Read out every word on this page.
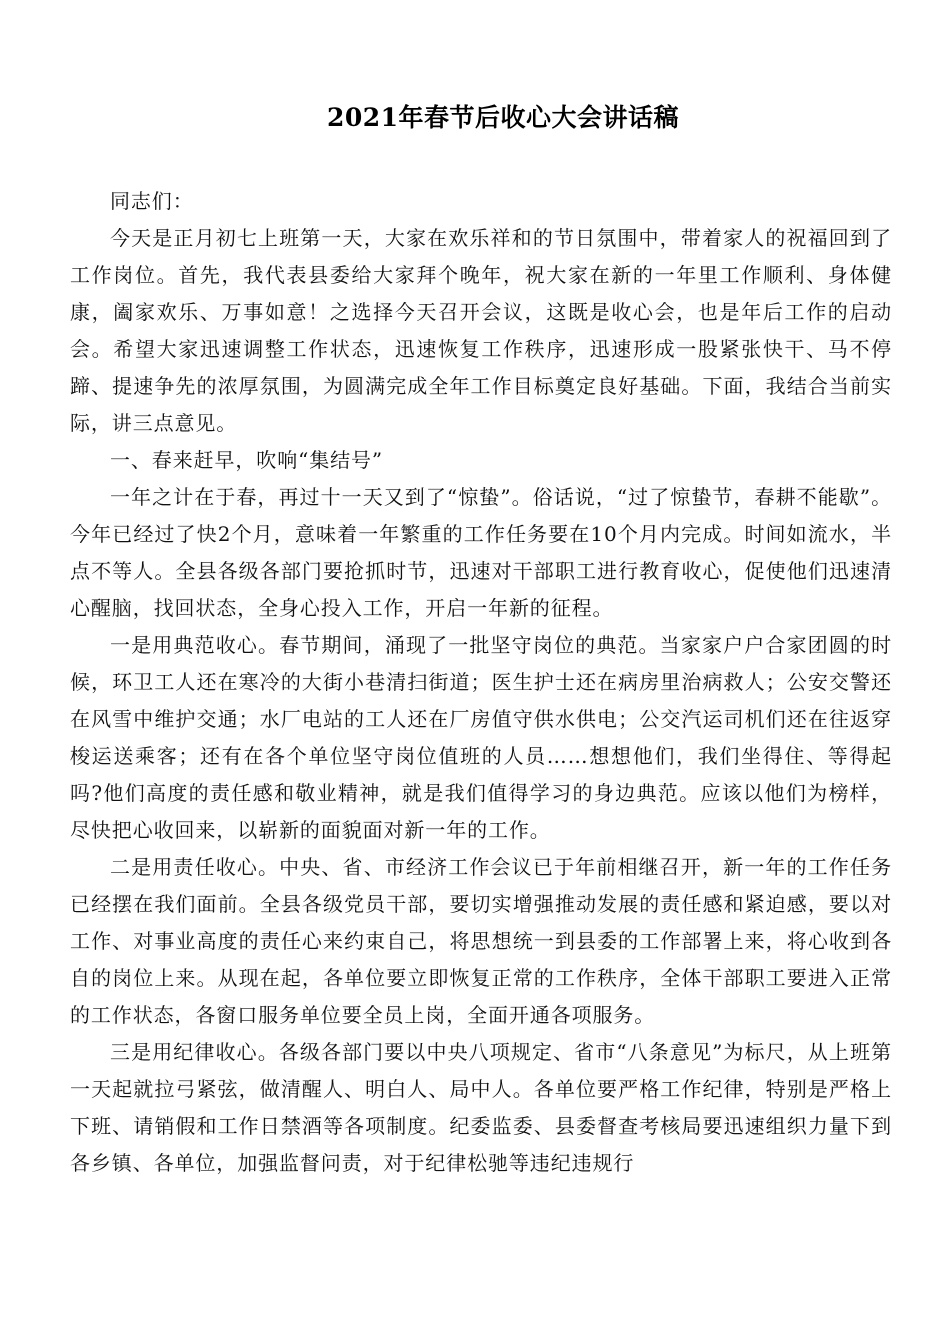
2021年春节后收心大会讲话稿

同志们：

今天是正月初七上班第一天，大家在欢乐祥和的节日氛围中，带着家人的祝福回到了工作岗位。首先，我代表县委给大家拜个晚年，祝大家在新的一年里工作顺利、身体健康，阖家欢乐、万事如意！之选择今天召开会议，这既是收心会，也是年后工作的启动会。希望大家迅速调整工作状态，迅速恢复工作秩序，迅速形成一股紧张快干、马不停蹄、提速争先的浓厚氛围，为圆满完成全年工作目标奠定良好基础。下面，我结合当前实际，讲三点意见。

一、春来赶早，吹响“集结号”

一年之计在于春，再过十一天又到了“惊蛰”。俗话说，“过了惊蛰节，春耕不能歇”。今年已经过了快2个月，意味着一年繁重的工作任务要在10个月内完成。时间如流水，半点不等人。全县各级各部门要抢抓时节，迅速对干部职工进行教育收心，促使他们迅速清心醒脑，找回状态，全身心投入工作，开启一年新的征程。

一是用典范收心。春节期间，涌现了一批坚守岗位的典范。当家家户户合家团圆的时候，环卫工人还在寒冷的大街小巷清扫街道；医生护士还在病房里治病救人；公安交警还在风雪中维护交通；水厂电站的工人还在厂房值守供水供电；公交汽运司机们还在往返穿梭运送乘客；还有在各个单位坚守岗位值班的人员……想想他们，我们坐得住、等得起吗?他们高度的责任感和敬业精神，就是我们值得学习的身边典范。应该以他们为榜样，尽快把心收回来，以崭新的面貌面对新一年的工作。

二是用责任收心。中央、省、市经济工作会议已于年前相继召开，新一年的工作任务已经摆在我们面前。全县各级党员干部，要切实增强推动发展的责任感和紧迫感，要以对工作、对事业高度的责任心来约束自己，将思想统一到县委的工作部署上来，将心收到各自的岗位上来。从现在起，各单位要立即恢复正常的工作秩序，全体干部职工要进入正常的工作状态，各窗口服务单位要全员上岗，全面开通各项服务。

三是用纪律收心。各级各部门要以中央八项规定、省市“八条意见”为标尺，从上班第一天起就拉弓紧弦，做清醒人、明白人、局中人。各单位要严格工作纪律，特别是严格上下班、请销假和工作日禁酒等各项制度。纪委监委、县委督查考核局要迅速组织力量下到各乡镇、各单位，加强监督问责，对于纪律松驰等违纪违规行
